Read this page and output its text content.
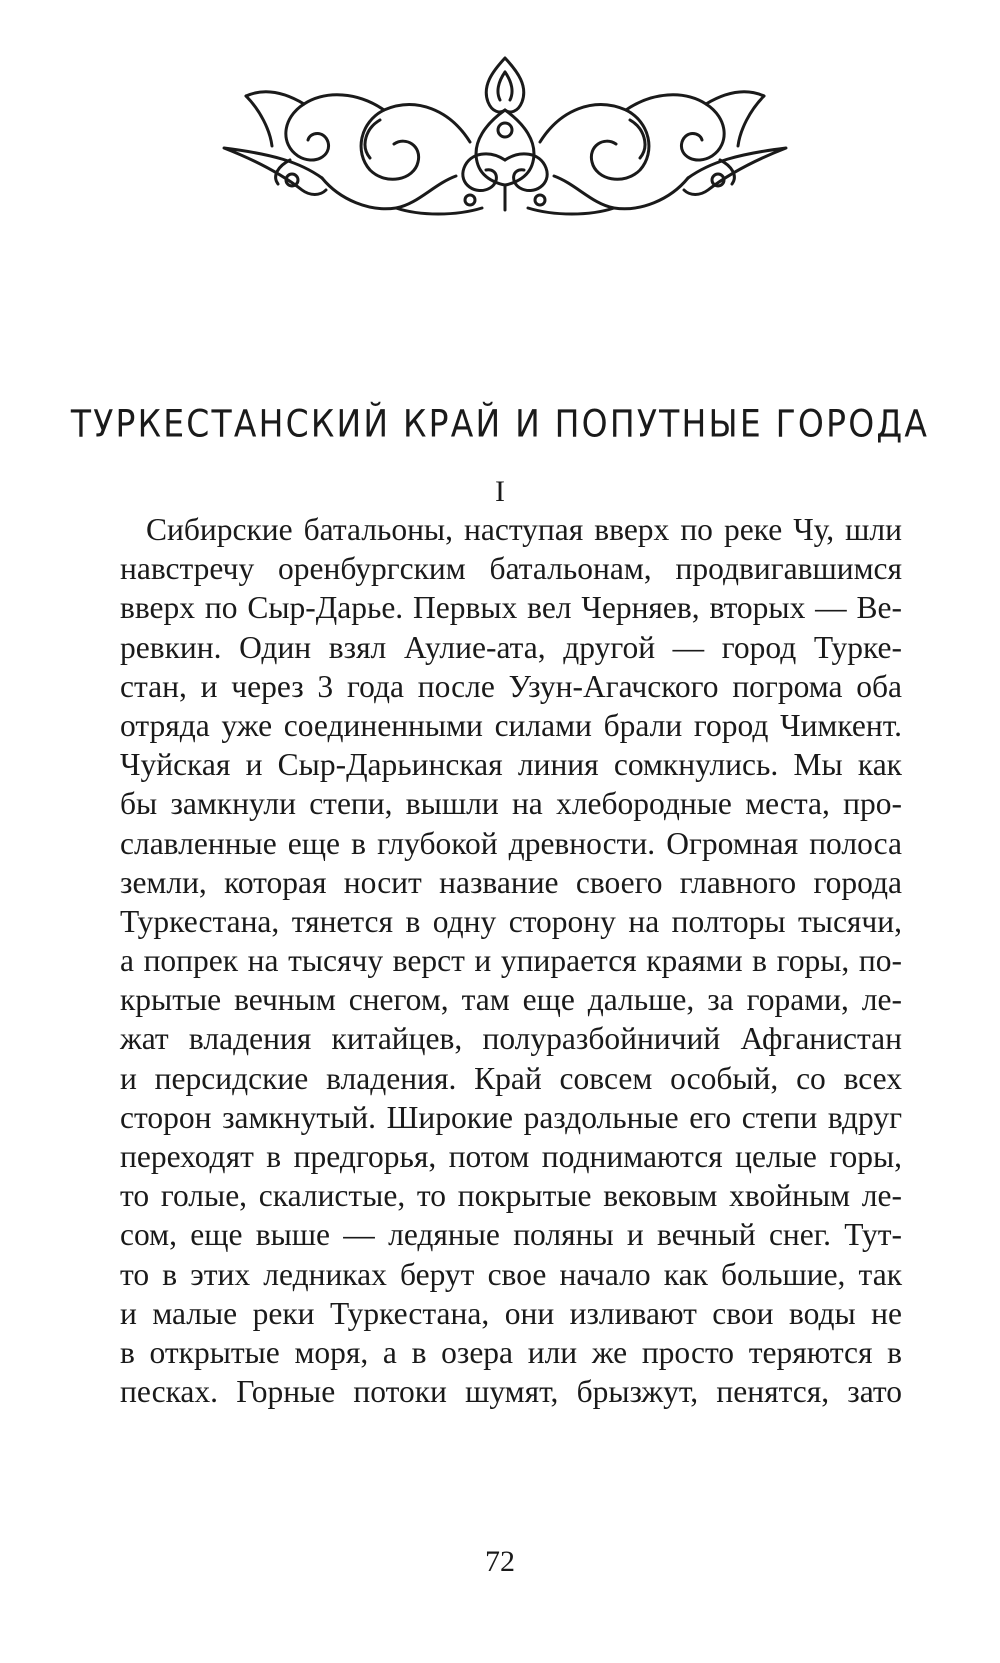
ТУРКЕСТАНСКИЙ КРАЙ И ПОПУТНЫЕ ГОРОДА
I
Сибирские батальоны, наступая вверх по реке Чу, шли
навстречу оренбургским батальонам, продвигавшимся
вверх по Сыр-Дарье. Первых вел Черняев, вторых — Ве-
ревкин. Один взял Аулие-ата, другой — город Турке-
стан, и через 3 года после Узун-Агачского погрома оба
отряда уже соединенными силами брали город Чимкент.
Чуйская и Сыр-Дарьинская линия сомкнулись. Мы как
бы замкнули степи, вышли на хлебородные места, про-
славленные еще в глубокой древности. Огромная полоса
земли, которая носит название своего главного города
Туркестана, тянется в одну сторону на полторы тысячи,
а попрек на тысячу верст и упирается краями в горы, по-
крытые вечным снегом, там еще дальше, за горами, ле-
жат владения китайцев, полуразбойничий Афганистан
и персидские владения. Край совсем особый, со всех
сторон замкнутый. Широкие раздольные его степи вдруг
переходят в предгорья, потом поднимаются целые горы,
то голые, скалистые, то покрытые вековым хвойным ле-
сом, еще выше — ледяные поляны и вечный снег. Тут-
то в этих ледниках берут свое начало как большие, так
и малые реки Туркестана, они изливают свои воды не
в открытые моря, а в озера или же просто теряются в
песках. Горные потоки шумят, брызжут, пенятся, зато
72
